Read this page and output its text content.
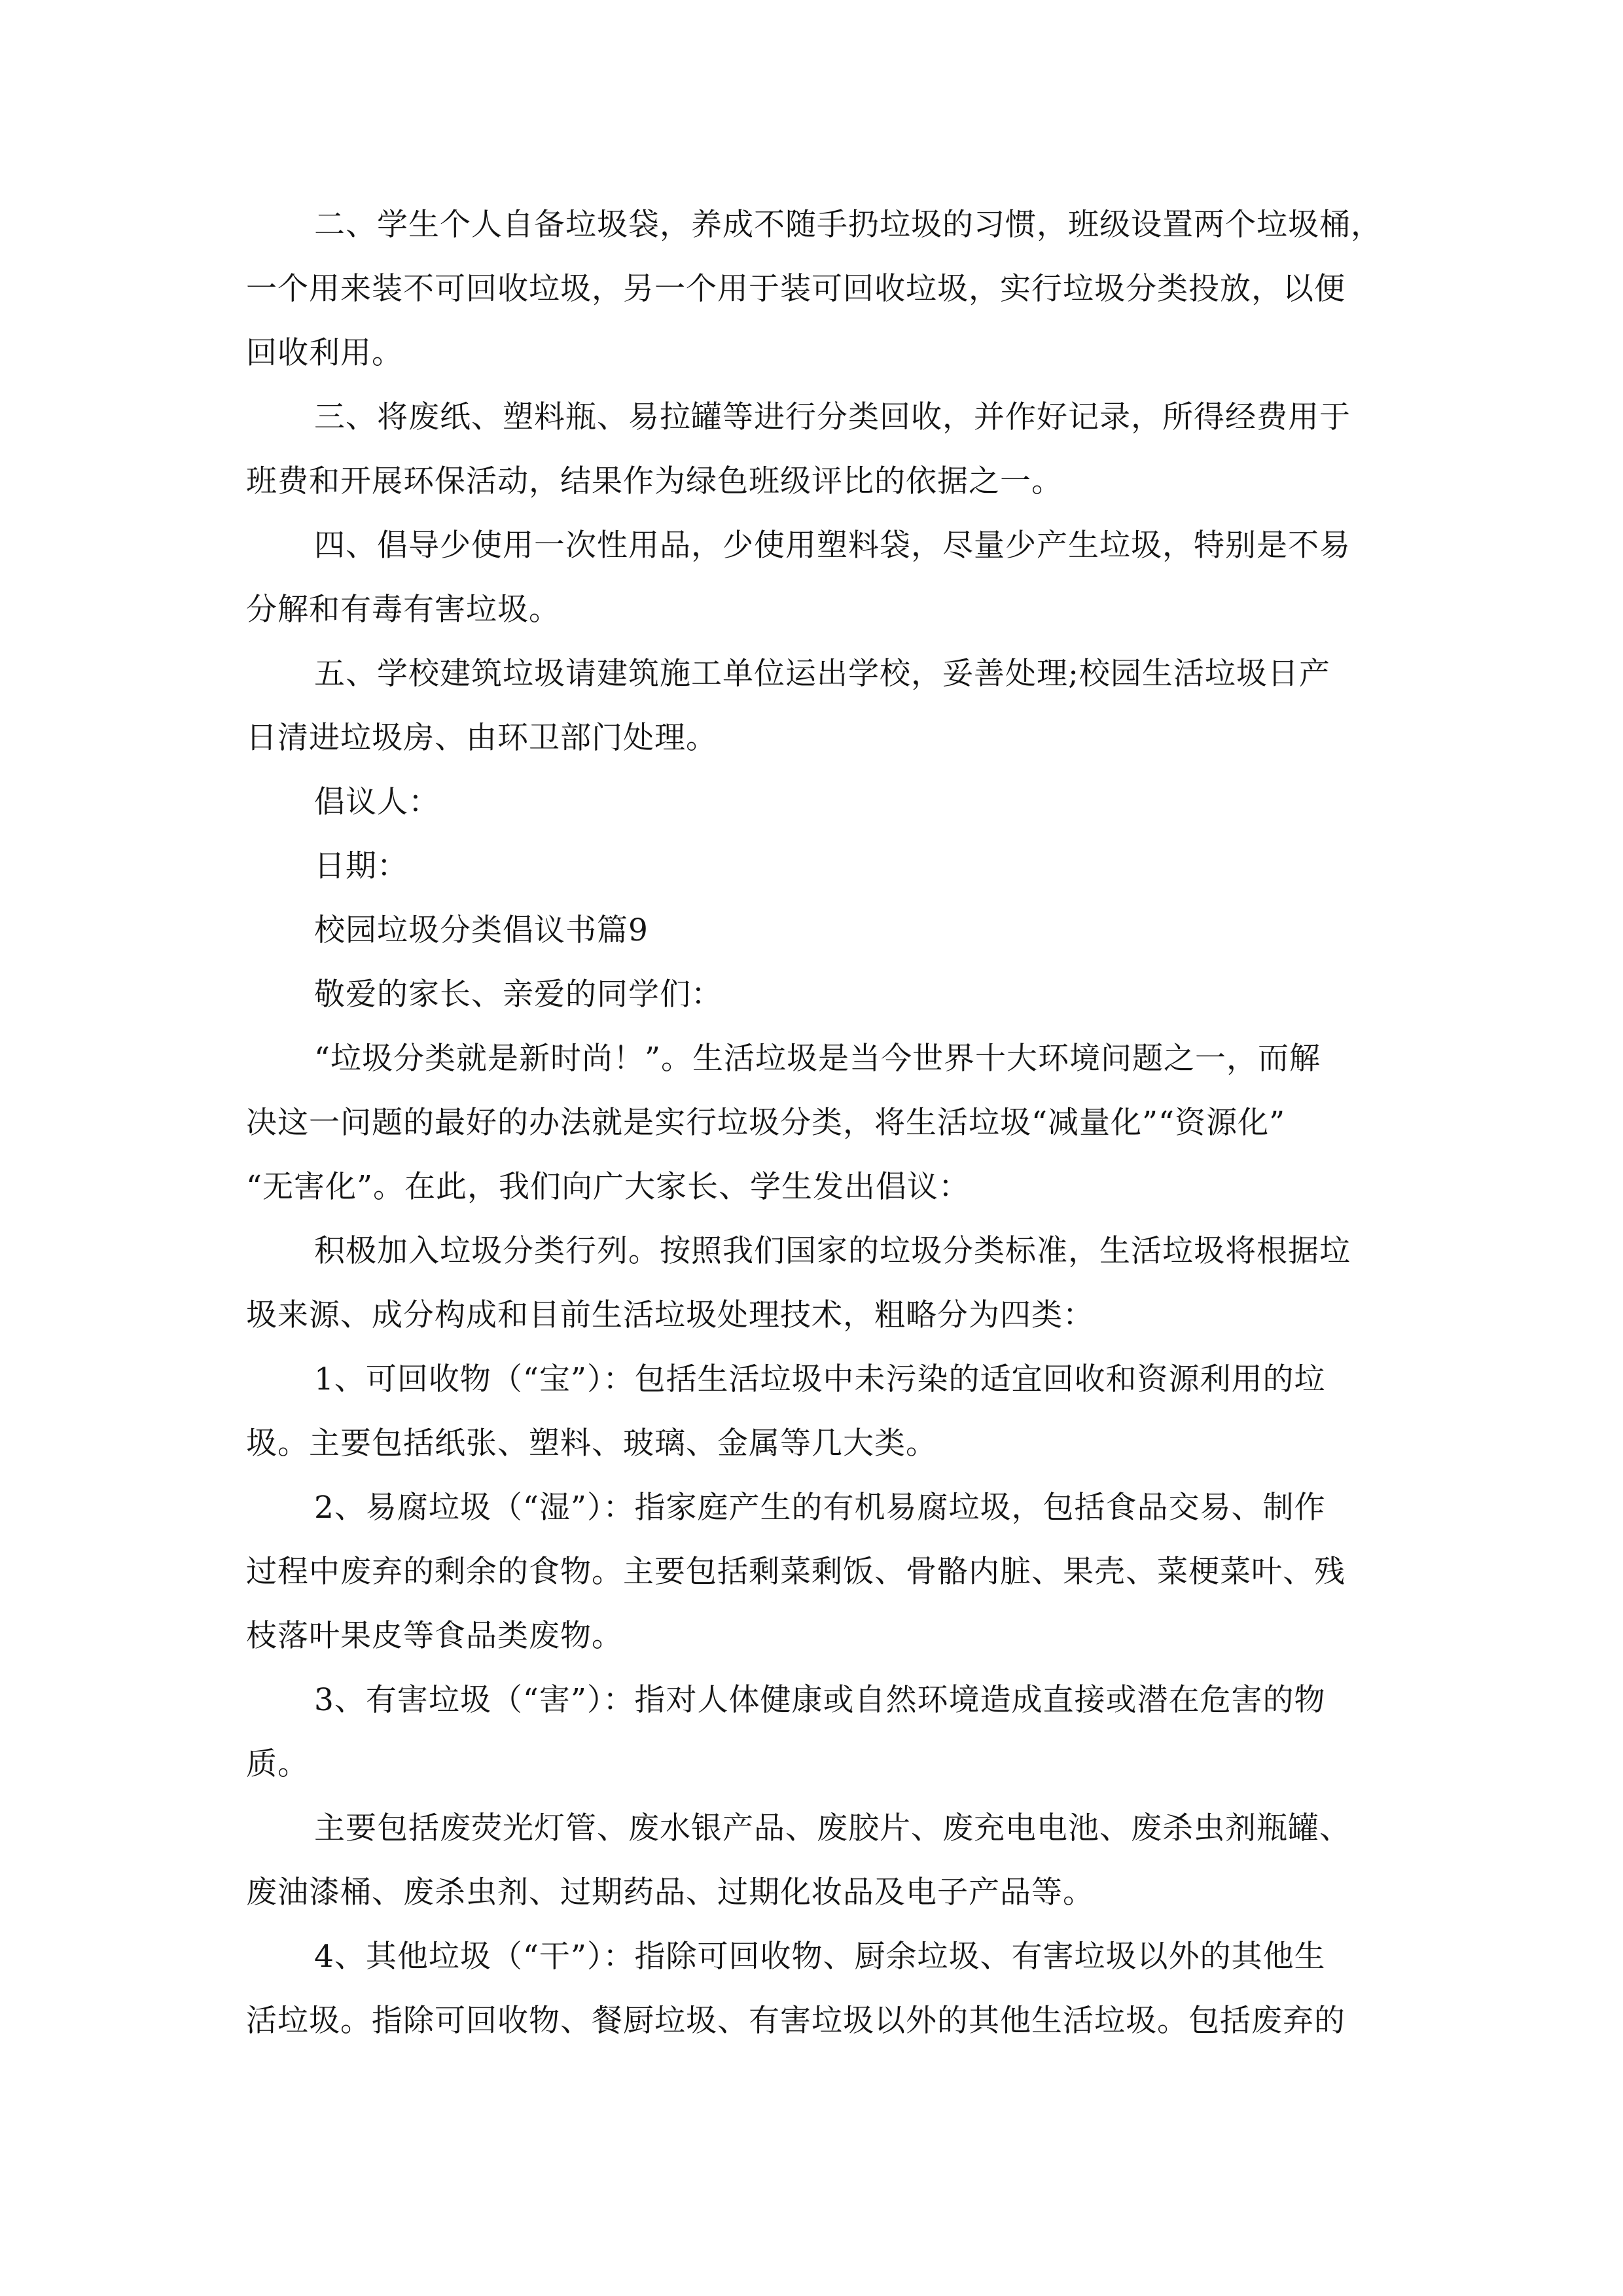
二、学生个人自备垃圾袋，养成不随手扔垃圾的习惯，班级设置两个垃圾桶，
一个用来装不可回收垃圾，另一个用于装可回收垃圾，实行垃圾分类投放，以便
回收利用。
三、将废纸、塑料瓶、易拉罐等进行分类回收，并作好记录，所得经费用于
班费和开展环保活动，结果作为绿色班级评比的依据之一。
四、倡导少使用一次性用品，少使用塑料袋，尽量少产生垃圾，特别是不易
分解和有毒有害垃圾。
五、学校建筑垃圾请建筑施工单位运出学校，妥善处理;校园生活垃圾日产
日清进垃圾房、由环卫部门处理。
倡议人：
日期：
校园垃圾分类倡议书篇9
敬爱的家长、亲爱的同学们：
“垃圾分类就是新时尚！”。生活垃圾是当今世界十大环境问题之一，而解
决这一问题的最好的办法就是实行垃圾分类，将生活垃圾“减量化”“资源化”
“无害化”。在此，我们向广大家长、学生发出倡议：
积极加入垃圾分类行列。按照我们国家的垃圾分类标准，生活垃圾将根据垃
圾来源、成分构成和目前生活垃圾处理技术，粗略分为四类：
1、可回收物（“宝”）：包括生活垃圾中未污染的适宜回收和资源利用的垃
圾。主要包括纸张、塑料、玻璃、金属等几大类。
2、易腐垃圾（“湿”）：指家庭产生的有机易腐垃圾，包括食品交易、制作
过程中废弃的剩余的食物。主要包括剩菜剩饭、骨骼内脏、果壳、菜梗菜叶、残
枝落叶果皮等食品类废物。
3、有害垃圾（“害”）：指对人体健康或自然环境造成直接或潜在危害的物
质。
主要包括废荧光灯管、废水银产品、废胶片、废充电电池、废杀虫剂瓶罐、
废油漆桶、废杀虫剂、过期药品、过期化妆品及电子产品等。
4、其他垃圾（“干”）：指除可回收物、厨余垃圾、有害垃圾以外的其他生
活垃圾。指除可回收物、餐厨垃圾、有害垃圾以外的其他生活垃圾。包括废弃的
